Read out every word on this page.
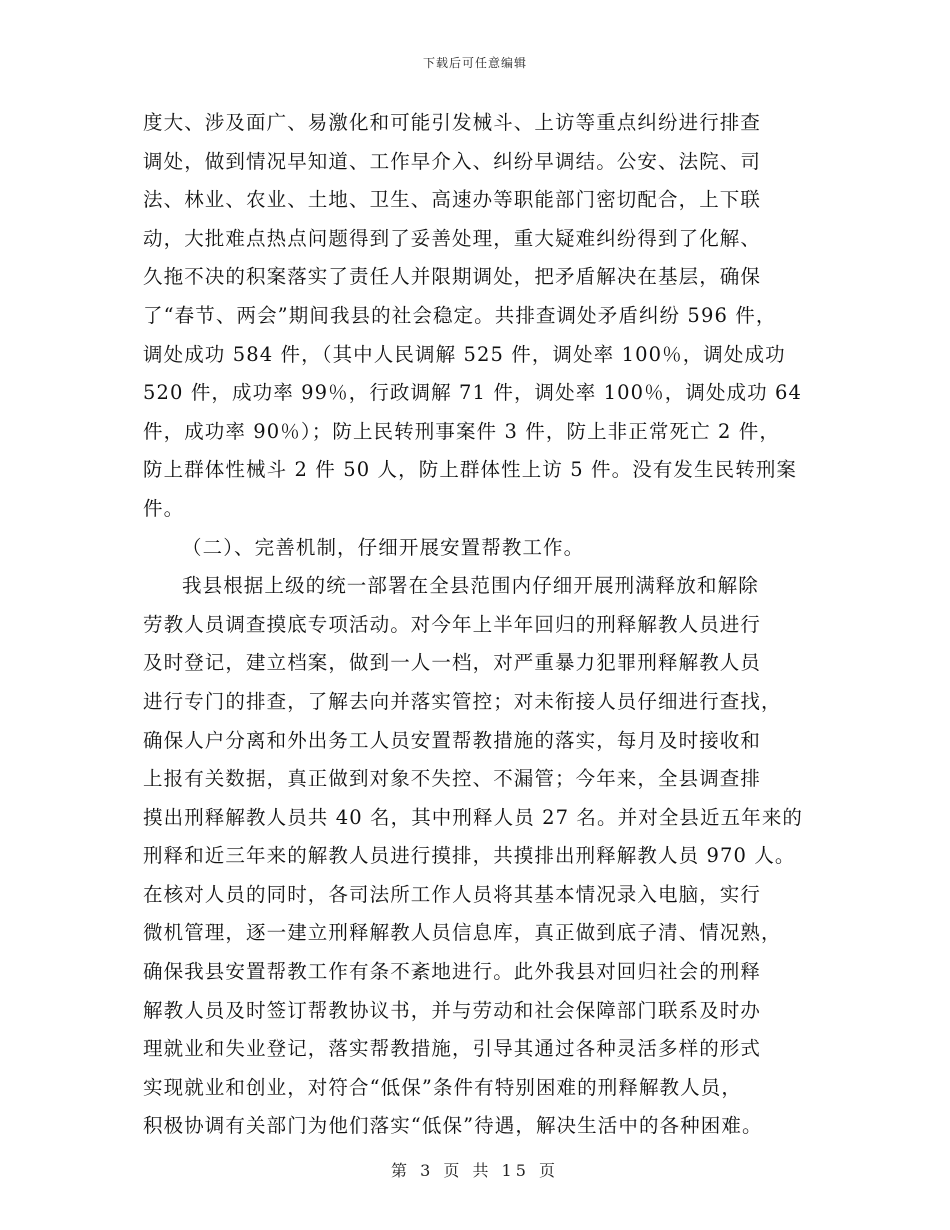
下载后可任意编辑
度大、涉及面广、易激化和可能引发械斗、上访等重点纠纷进行排查
调处，做到情况早知道、工作早介入、纠纷早调结。公安、法院、司
法、林业、农业、土地、卫生、高速办等职能部门密切配合，上下联
动，大批难点热点问题得到了妥善处理，重大疑难纠纷得到了化解、
久拖不决的积案落实了责任人并限期调处，把矛盾解决在基层，确保
了“春节、两会”期间我县的社会稳定。共排查调处矛盾纠纷 596 件，
调处成功 584 件，（其中人民调解 525 件，调处率 100％，调处成功
520 件，成功率 99％，行政调解 71 件，调处率 100％，调处成功 64
件，成功率 90％）；防上民转刑事案件 3 件，防上非正常死亡 2 件，
防上群体性械斗 2 件 50 人，防上群体性上访 5 件。没有发生民转刑案
件。
（二）、完善机制，仔细开展安置帮教工作。
我县根据上级的统一部署在全县范围内仔细开展刑满释放和解除
劳教人员调查摸底专项活动。对今年上半年回归的刑释解教人员进行
及时登记，建立档案，做到一人一档，对严重暴力犯罪刑释解教人员
进行专门的排查，了解去向并落实管控；对未衔接人员仔细进行查找，
确保人户分离和外出务工人员安置帮教措施的落实，每月及时接收和
上报有关数据，真正做到对象不失控、不漏管；今年来，全县调查排
摸出刑释解教人员共 40 名，其中刑释人员 27 名。并对全县近五年来的
刑释和近三年来的解教人员进行摸排，共摸排出刑释解教人员 970 人。
在核对人员的同时，各司法所工作人员将其基本情况录入电脑，实行
微机管理，逐一建立刑释解教人员信息库，真正做到底子清、情况熟，
确保我县安置帮教工作有条不紊地进行。此外我县对回归社会的刑释
解教人员及时签订帮教协议书，并与劳动和社会保障部门联系及时办
理就业和失业登记，落实帮教措施，引导其通过各种灵活多样的形式
实现就业和创业，对符合“低保”条件有特别困难的刑释解教人员，
积极协调有关部门为他们落实“低保”待遇，解决生活中的各种困难。
第 3 页 共 15 页
